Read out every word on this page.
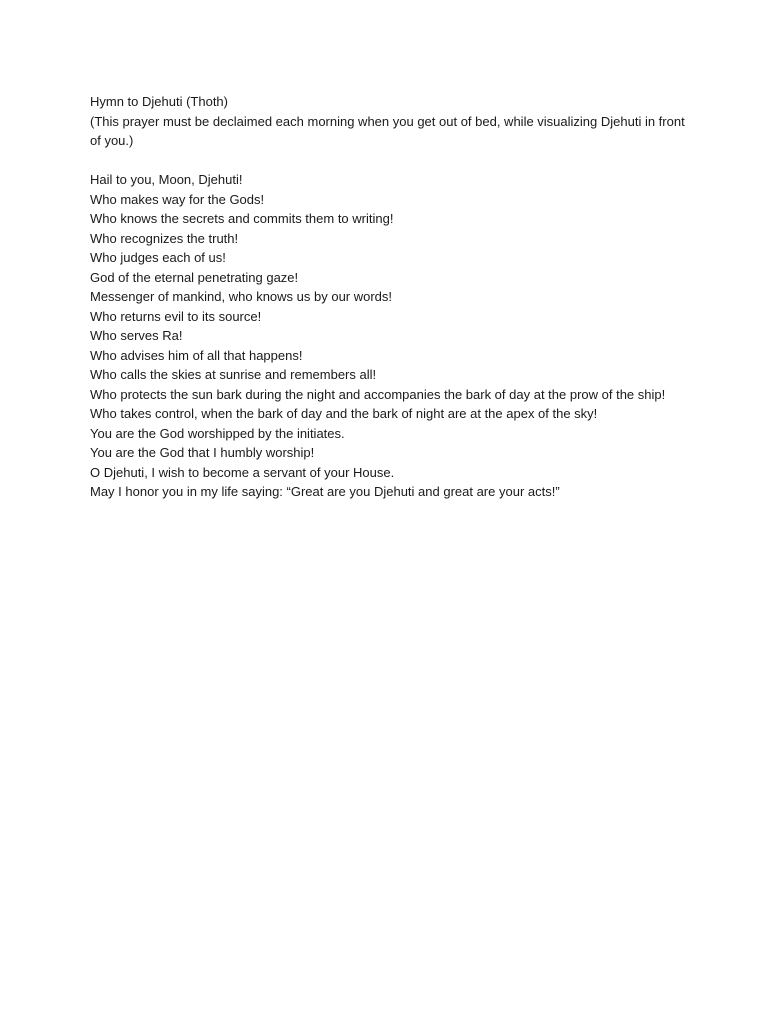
Hymn to Djehuti (Thoth)
(This prayer must be declaimed each morning when you get out of bed, while visualizing Djehuti in front of you.)
Hail to you, Moon, Djehuti!
Who makes way for the Gods!
Who knows the secrets and commits them to writing!
Who recognizes the truth!
Who judges each of us!
God of the eternal penetrating gaze!
Messenger of mankind, who knows us by our words!
Who returns evil to its source!
Who serves Ra!
Who advises him of all that happens!
Who calls the skies at sunrise and remembers all!
Who protects the sun bark during the night and accompanies the bark of day at the prow of the ship!
Who takes control, when the bark of day and the bark of night are at the apex of the sky!
You are the God worshipped by the initiates.
You are the God that I humbly worship!
O Djehuti, I wish to become a servant of your House.
May I honor you in my life saying: “Great are you Djehuti and great are your acts!”
